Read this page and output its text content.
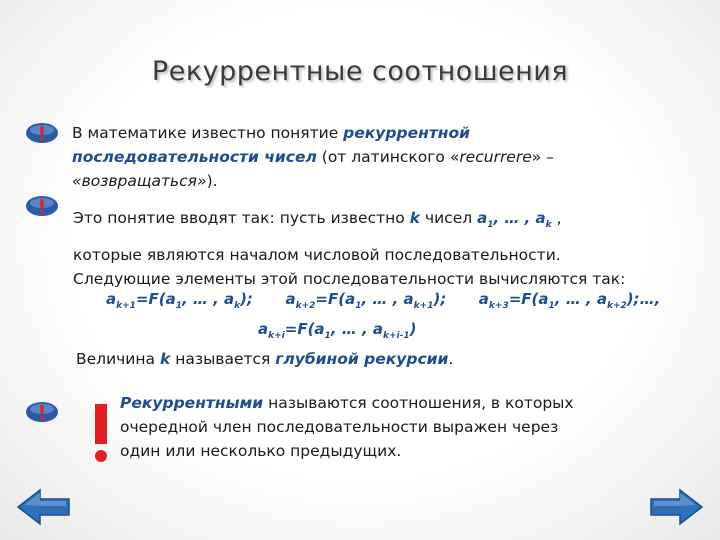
Рекуррентные соотношения
В математике известно понятие рекуррентной
последовательности чисел (от латинского «recurrere» –
«возвращаться»).
Это понятие вводят так: пусть известно k чисел $a_1$, … , $a_k$ ,
которые являются началом числовой последовательности.
Следующие элементы этой последовательности вычисляются так:
$a_{k+1}=F(a_1$, … , $a_k$); $a_{k+2}=F(a_1$, … , $a_{k+1}$); $a_{k+3}=F(a_1$, … , $a_{k+2});\dots$,
$a_{k+i}=F(a_1$, … , $a_{k+i-1}$)
Величина k называется глубиной рекурсии.
Рекуррентными называются соотношения, в которых
очередной член последовательности выражен через
один или несколько предыдущих.
